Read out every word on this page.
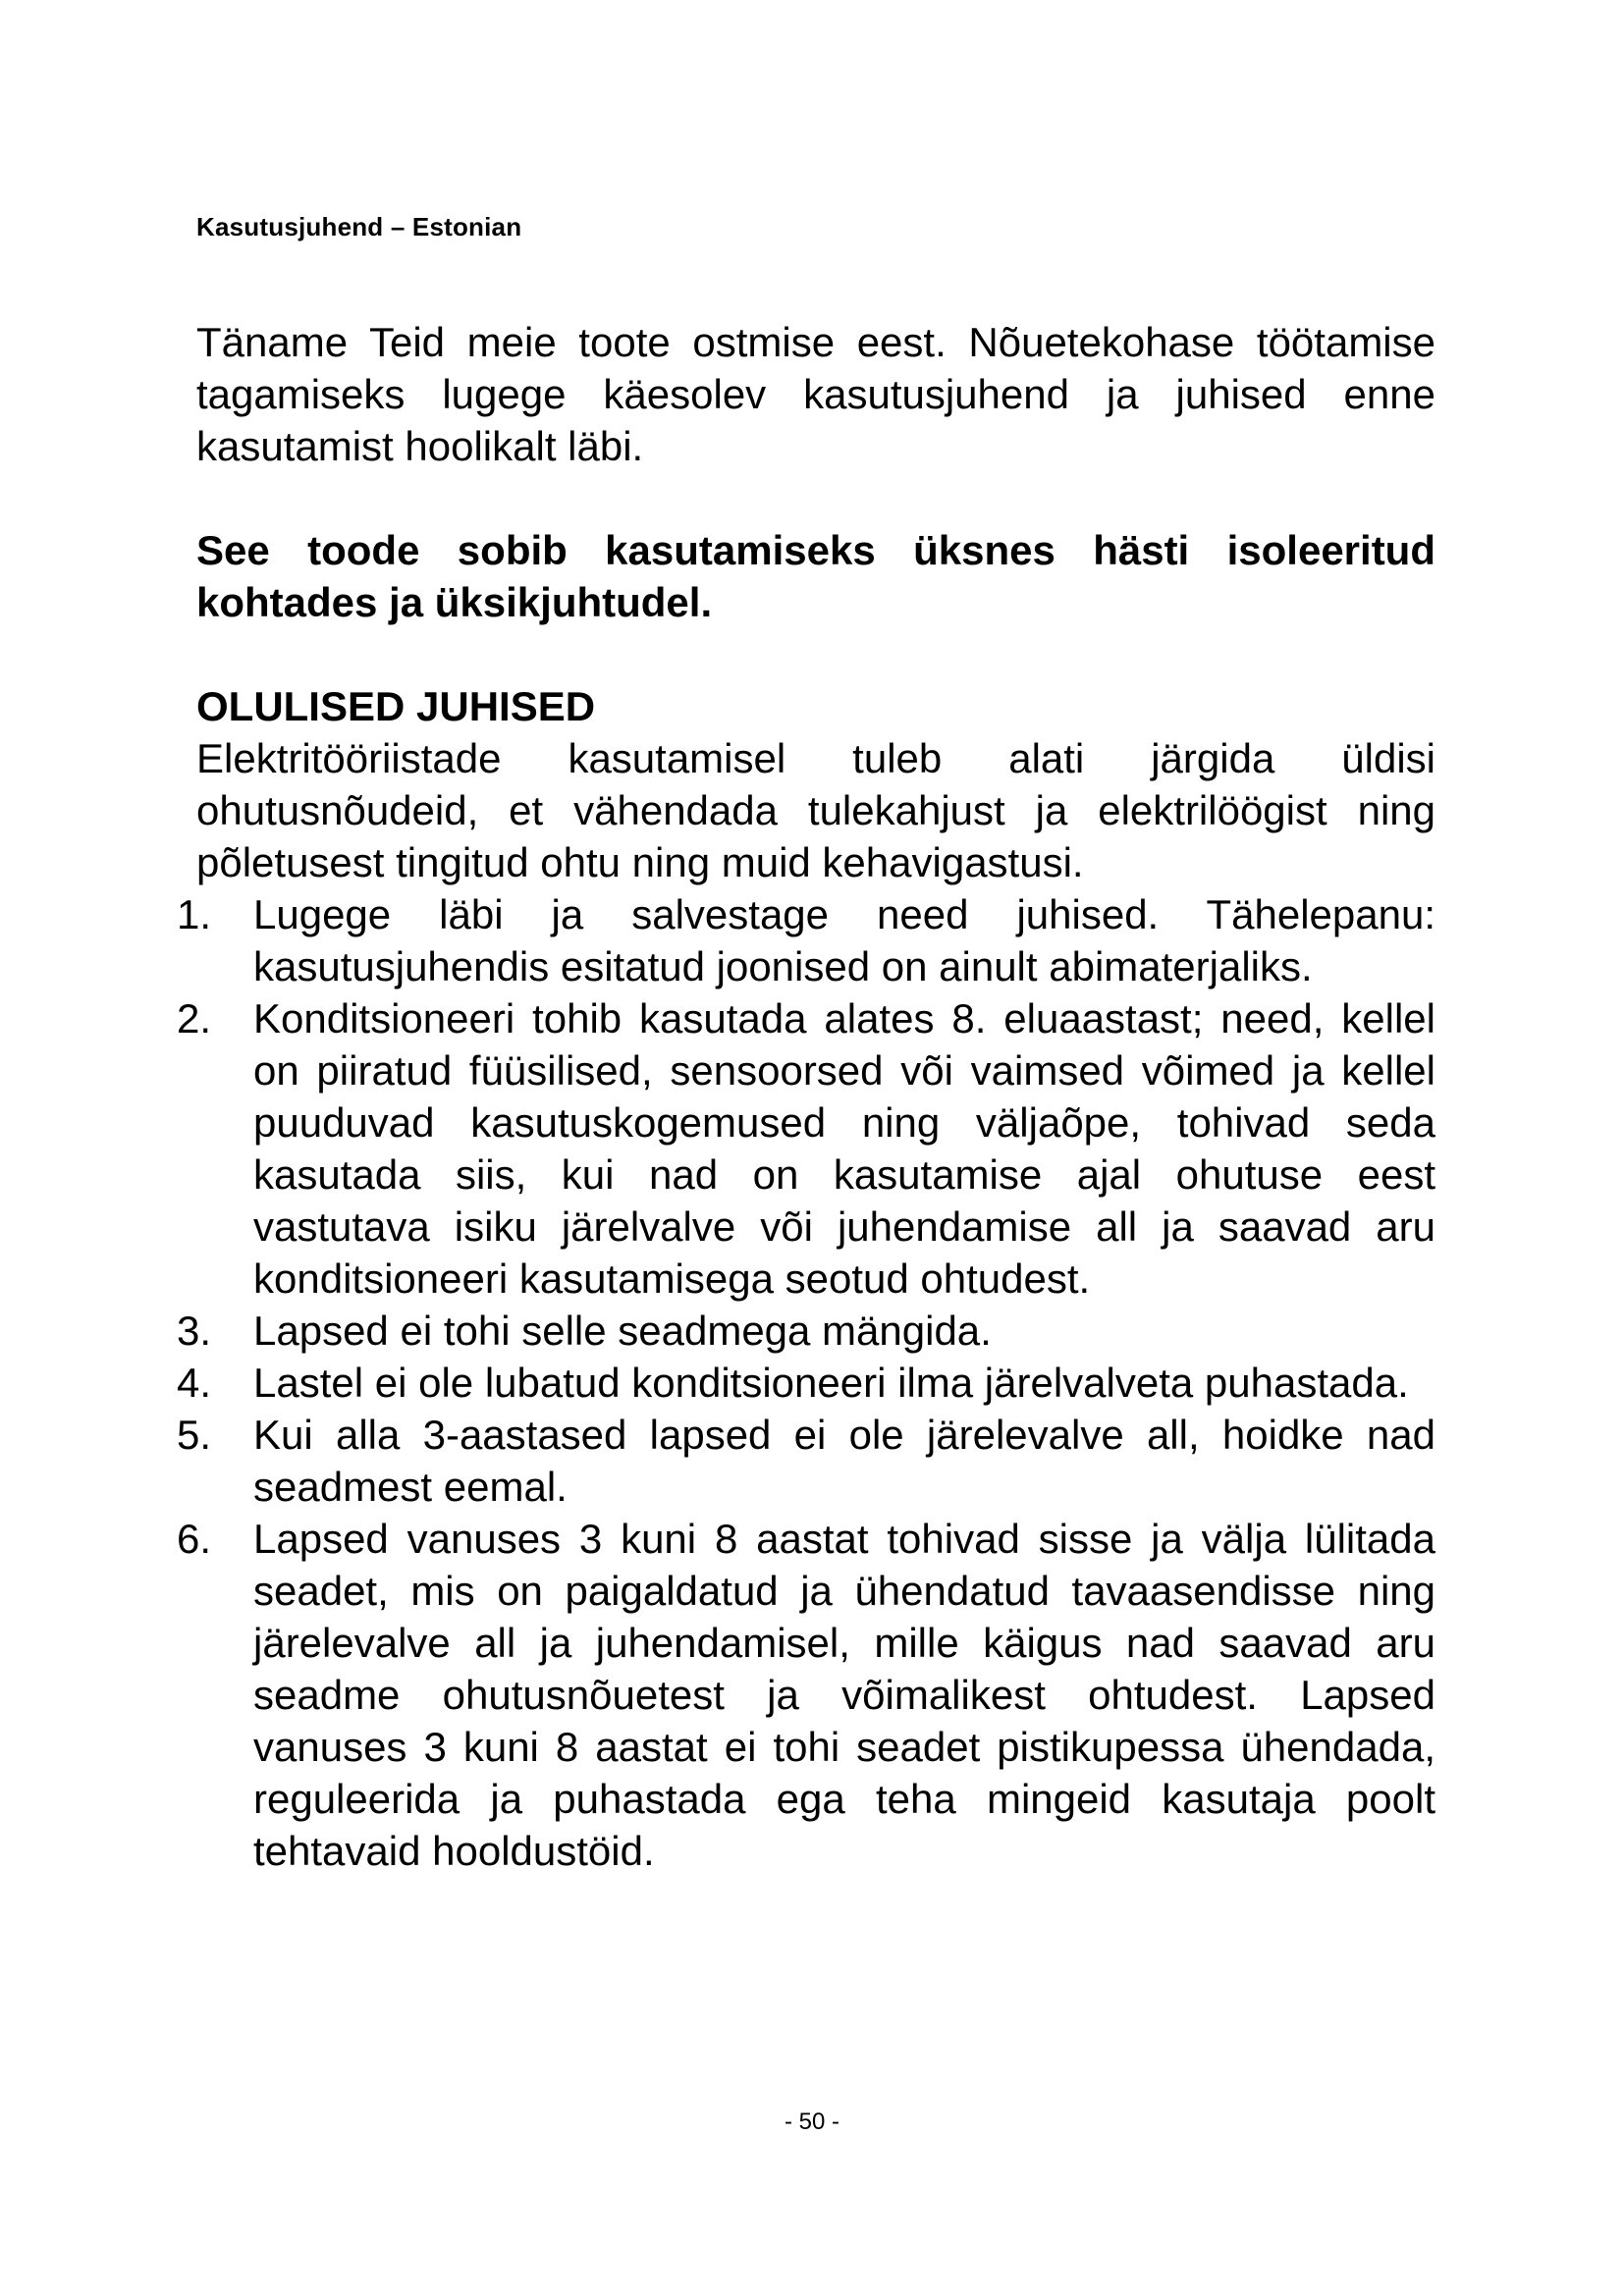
Kasutusjuhend – Estonian

Täname Teid meie toote ostmise eest. Nõuetekohase töötamise tagamiseks lugege käesolev kasutusjuhend ja juhised enne kasutamist hoolikalt läbi.

See toode sobib kasutamiseks üksnes hästi isoleeritud kohtades ja üksikjuhtudel.

OLULISED JUHISED

Elektritööriistade kasutamisel tuleb alati järgida üldisi ohutusnõudeid, et vähendada tulekahjust ja elektrilöögist ning põletusest tingitud ohtu ning muid kehavigastusi.

1. Lugege läbi ja salvestage need juhised. Tähelepanu: kasutusjuhendis esitatud joonised on ainult abimaterjaliks.
2. Konditsioneeri tohib kasutada alates 8. eluaastast; need, kellel on piiratud füüsilised, sensoorsed või vaimsed võimed ja kellel puuduvad kasutuskogemused ning väljaõpe, tohivad seda kasutada siis, kui nad on kasutamise ajal ohutuse eest vastutava isiku järelvalve või juhendamise all ja saavad aru konditsioneeri kasutamisega seotud ohtudest.
3. Lapsed ei tohi selle seadmega mängida.
4. Lastel ei ole lubatud konditsioneeri ilma järelvalveta puhastada.
5. Kui alla 3-aastased lapsed ei ole järelevalve all, hoidke nad seadmest eemal.
6. Lapsed vanuses 3 kuni 8 aastat tohivad sisse ja välja lülitada seadet, mis on paigaldatud ja ühendatud tavaasendisse ning järelevalve all ja juhendamisel, mille käigus nad saavad aru seadme ohutusnõuetest ja võimalikest ohtudest. Lapsed vanuses 3 kuni 8 aastat ei tohi seadet pistikupessa ühendada, reguleerida ja puhastada ega teha mingeid kasutaja poolt tehtavaid hooldustöid.
- 50 -
